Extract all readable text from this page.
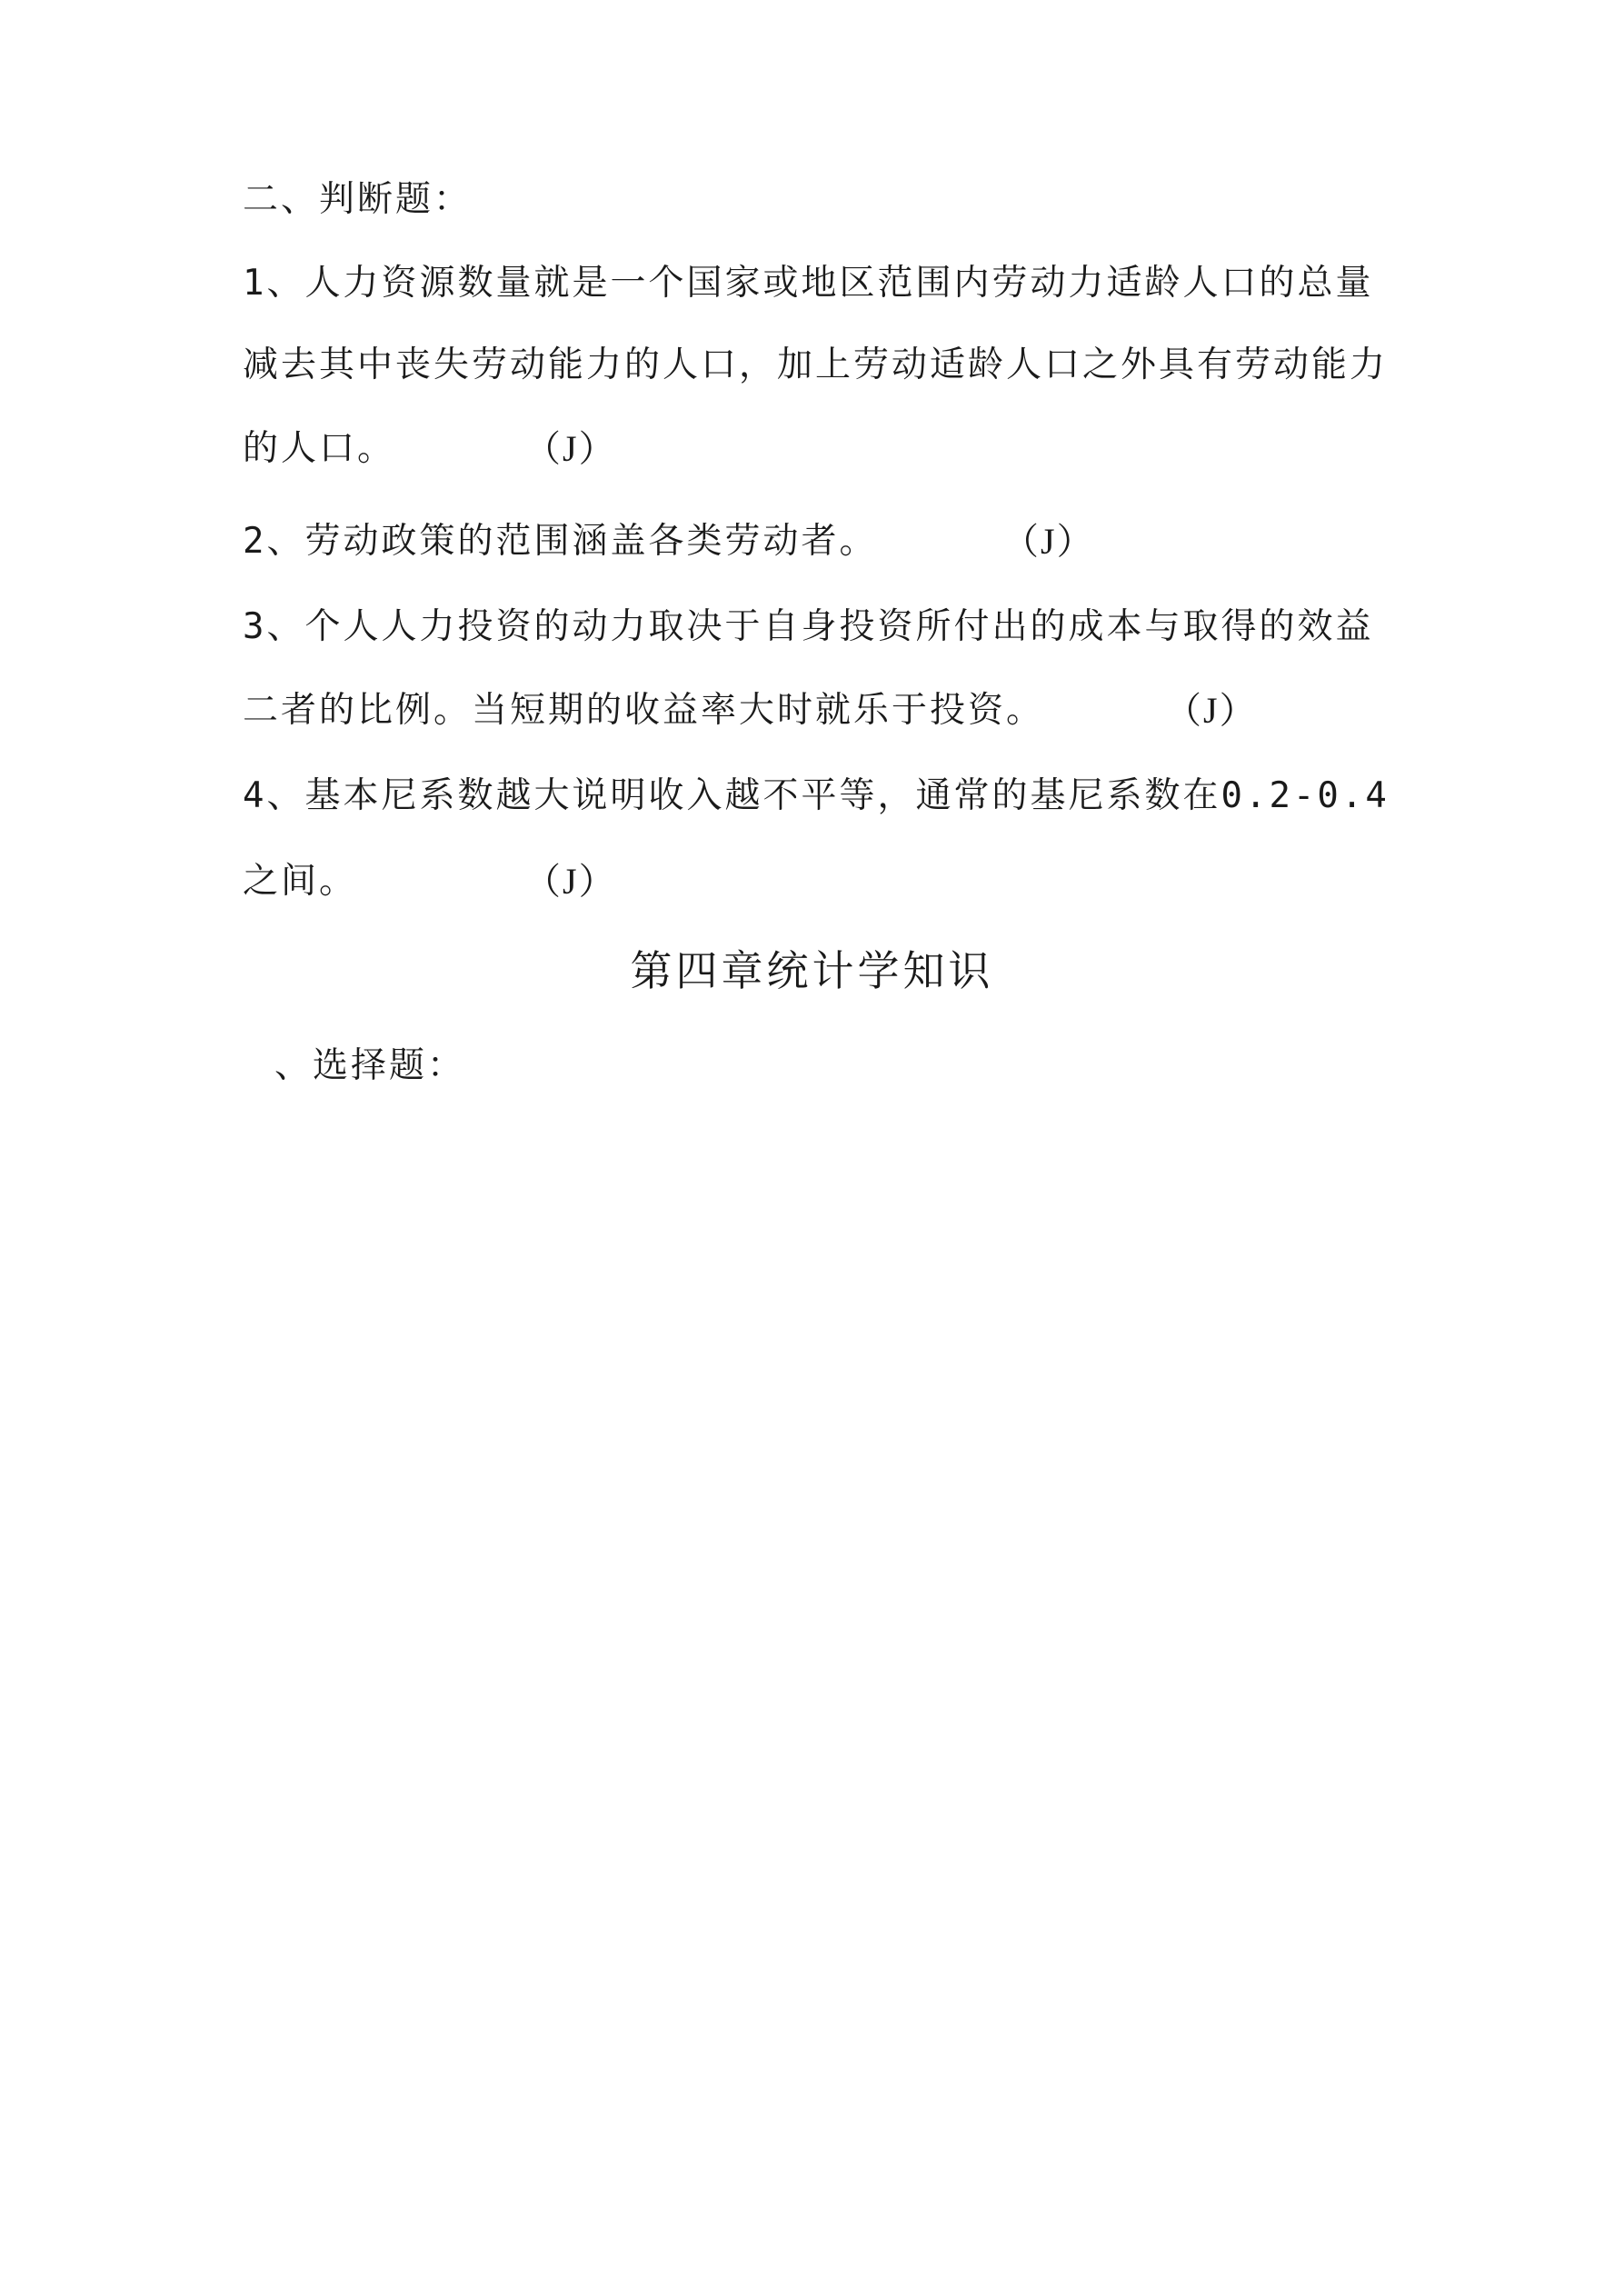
二、判断题：
1、人力资源数量就是一个国家或地区范围内劳动力适龄人口的总量
减去其中丧失劳动能力的人口，加上劳动适龄人口之外具有劳动能力
的人口。	（J）
2、劳动政策的范围涵盖各类劳动者。	（J）
3、个人人力投资的动力取决于自身投资所付出的成本与取得的效益
二者的比例。当短期的收益率大时就乐于投资。	（J）
4、基本尼系数越大说明收入越不平等，通常的基尼系数在0.2-0.4
之间。	（J）
第四章统计学知识
、选择题：
